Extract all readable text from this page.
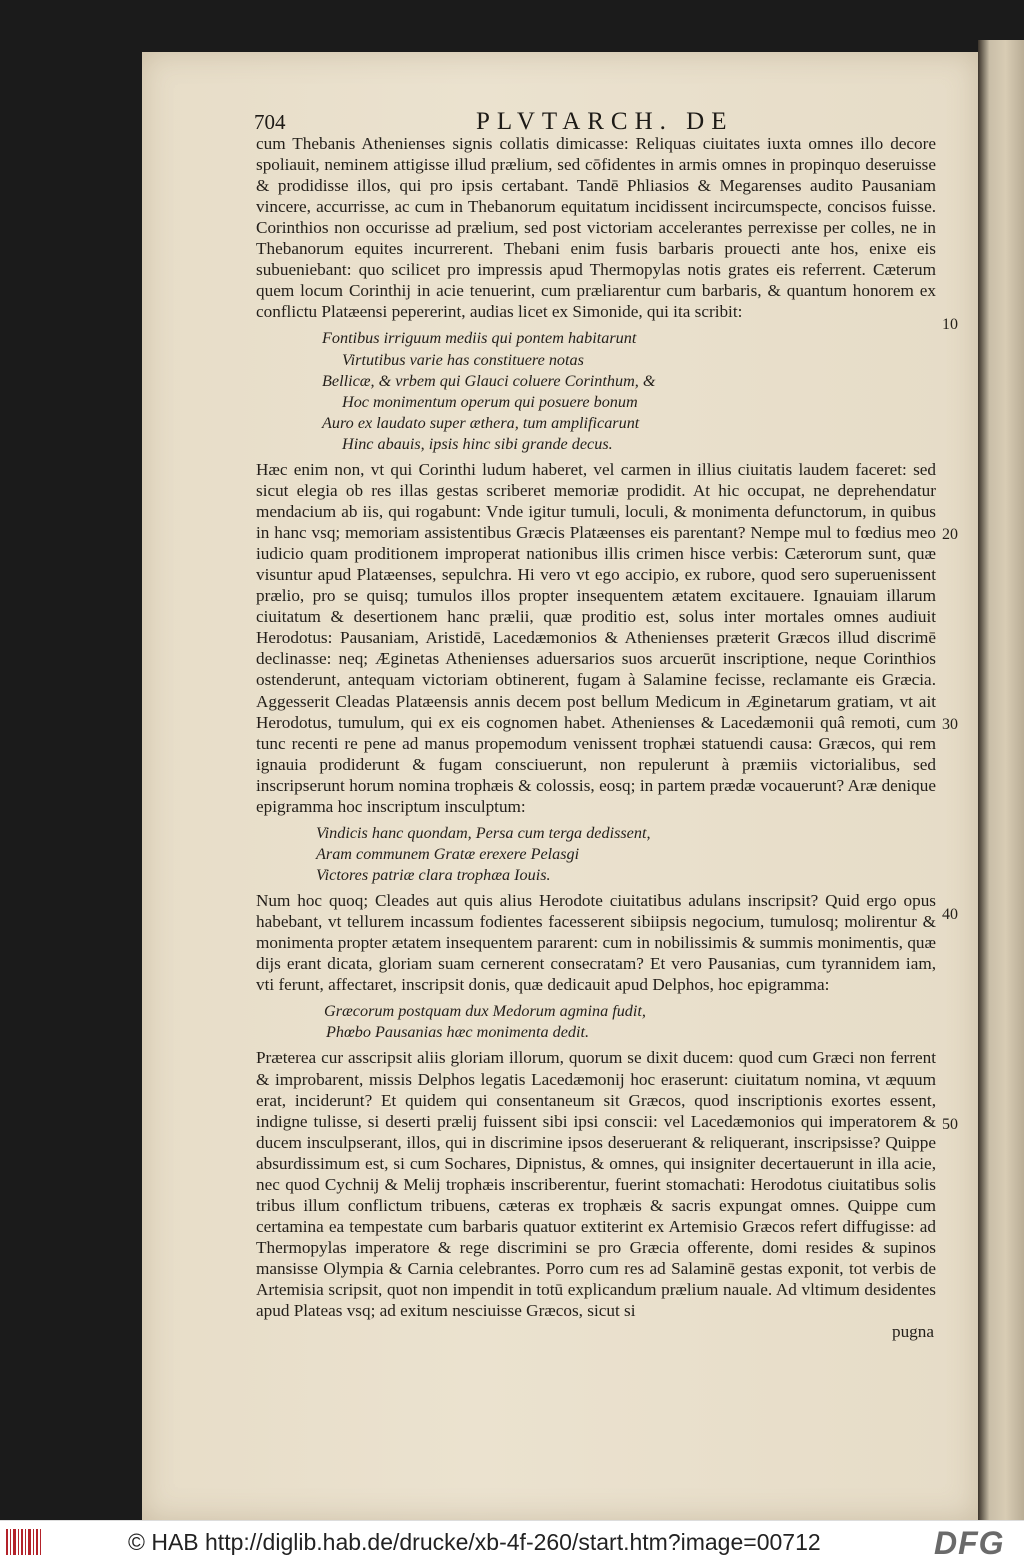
704	PLVTARCH. DE

cum Thebanis Athenienses signis collatis dimicasse: Reliquas ciuitates iuxta omnes illo decore spoliauit, neminem attigisse illud prælium, sed cōfidentes in armis omnes in propinquo deseruisse & prodidisse illos, qui pro ipsis certabant. Tandē Phliasios & Megarenses audito Pausaniam vincere, accurrisse, ac cum in Thebanorum equitatum incidissent incircumspecte, concisos fuisse. Corinthios non occurisse ad prælium, sed post victoriam accelerantes perrexisse per colles, ne in Thebanorum equites incurrerent. Thebani enim fusis barbaris prouecti ante hos, enixe eis subueniebant: quo scilicet pro impressis apud Thermopylas notis grates eis referrent. Cæterum quem locum Corinthij in acie tenuerint, cum præliarentur cum barbaris, & quantum honorem ex conflictu Platæensi pepererint, audias licet ex Simonide, qui ita scribit:

Fontibus irriguum mediis qui pontem habitarunt
Virtutibus varie has constituere notas
Bellicæ, & vrbem qui Glauci coluere Corinthum, &
Hoc monimentum operum qui posuere bonum
Auro ex laudato super æthera, tum amplificarunt
Hinc abauis, ipsis hinc sibi grande decus.

Hæc enim non, vt qui Corinthi ludum haberet, vel carmen in illius ciuitatis laudem faceret: sed sicut elegia ob res illas gestas scriberet memoriæ prodidit. At hic occupat, ne deprehendatur mendacium ab iis, qui rogabunt: Vnde igitur tumuli, loculi, & monimenta defunctorum, in quibus in hanc vsq; memoriam assistentibus Græcis Platæenses eis parentant? Nempe mul to fœdius meo iudicio quam proditionem improperat nationibus illis crimen hisce verbis: Cæterorum sunt, quæ visuntur apud Platæenses, sepulchra. Hi vero vt ego accipio, ex rubore, quod sero superuenissent prælio, pro se quisq; tumulos illos propter insequentem ætatem excitauere. Ignauiam illarum ciuitatum & desertionem hanc prælii, quæ proditio est, solus inter mortales omnes audiuit Herodotus: Pausaniam, Aristidē, Lacedæmonios & Athenienses præterit Græcos illud discrimē declinasse: neq; Æginetas Athenienses aduersarios suos arcuerūt inscriptione, neque Corinthios ostenderunt, antequam victoriam obtinerent, fugam à Salamine fecisse, reclamante eis Græcia. Aggesserit Cleadas Platæensis annis decem post bellum Medicum in Æginetarum gratiam, vt ait Herodotus, tumulum, qui ex eis cognomen habet. Athenienses & Lacedæmonii quâ remoti, cum tunc recenti re pene ad manus propemodum venissent trophæi statuendi causa: Græcos, qui rem ignauia prodiderunt & fugam consciuerunt, non repulerunt à præmiis victorialibus, sed inscripserunt horum nomina trophæis & colossis, eosq; in partem prædæ vocauerunt? Aræ denique epigramma hoc inscriptum insculptum:

Vindicis hanc quondam, Persa cum terga dedissent,
Aram communem Gratæ erexere Pelasgi
Victores patriæ clara trophæa Iouis.

Num hoc quoq; Cleades aut quis alius Herodote ciuitatibus adulans inscripsit? Quid ergo opus habebant, vt tellurem incassum fodientes facesserent sibiipsis negocium, tumulosq; molirentur & monimenta propter ætatem insequentem pararent: cum in nobilissimis & summis monimentis, quæ dijs erant dicata, gloriam suam cernerent consecratam? Et vero Pausanias, cum tyrannidem iam, vti ferunt, affectaret, inscripsit donis, quæ dedicauit apud Delphos, hoc epigramma:

Græcorum postquam dux Medorum agmina fudit,
Phœbo Pausanias hæc monimenta dedit.

Præterea cur asscripsit aliis gloriam illorum, quorum se dixit ducem: quod cum Græci non ferrent & improbarent, missis Delphos legatis Lacedæmonij hoc eraserunt: ciuitatum nomina, vt æquum erat, inciderunt? Et quidem qui consentaneum sit Græcos, quod inscriptionis exortes essent, indigne tulisse, si deserti prælij fuissent sibi ipsi conscii: vel Lacedæmonios qui imperatorem & ducem insculpserant, illos, qui in discrimine ipsos deseruerant & reliquerant, inscripsisse? Quippe absurdissimum est, si cum Sochares, Dipnistus, & omnes, qui insigniter decertauerunt in illa acie, nec quod Cychnij & Melij trophæis inscriberentur, fuerint stomachati: Herodotus ciuitatibus solis tribus illum conflictum tribuens, cæteras ex trophæis & sacris expungat omnes. Quippe cum certamina ea tempestate cum barbaris quatuor extiterint ex Artemisio Græcos refert diffugisse: ad Thermopylas imperatore & rege discrimini se pro Græcia offerente, domi resides & supinos mansisse Olympia & Carnia celebrantes. Porro cum res ad Salaminē gestas exponit, tot verbis de Artemisia scripsit, quot non impendit in totū explicandum prælium nauale. Ad vltimum desidentes apud Plateas vsq; ad exitum nesciuisse Græcos, sicut si

pugna
10
20
30
40
50
© HAB http://diglib.hab.de/drucke/xb-4f-260/start.htm?image=00712	DFG
